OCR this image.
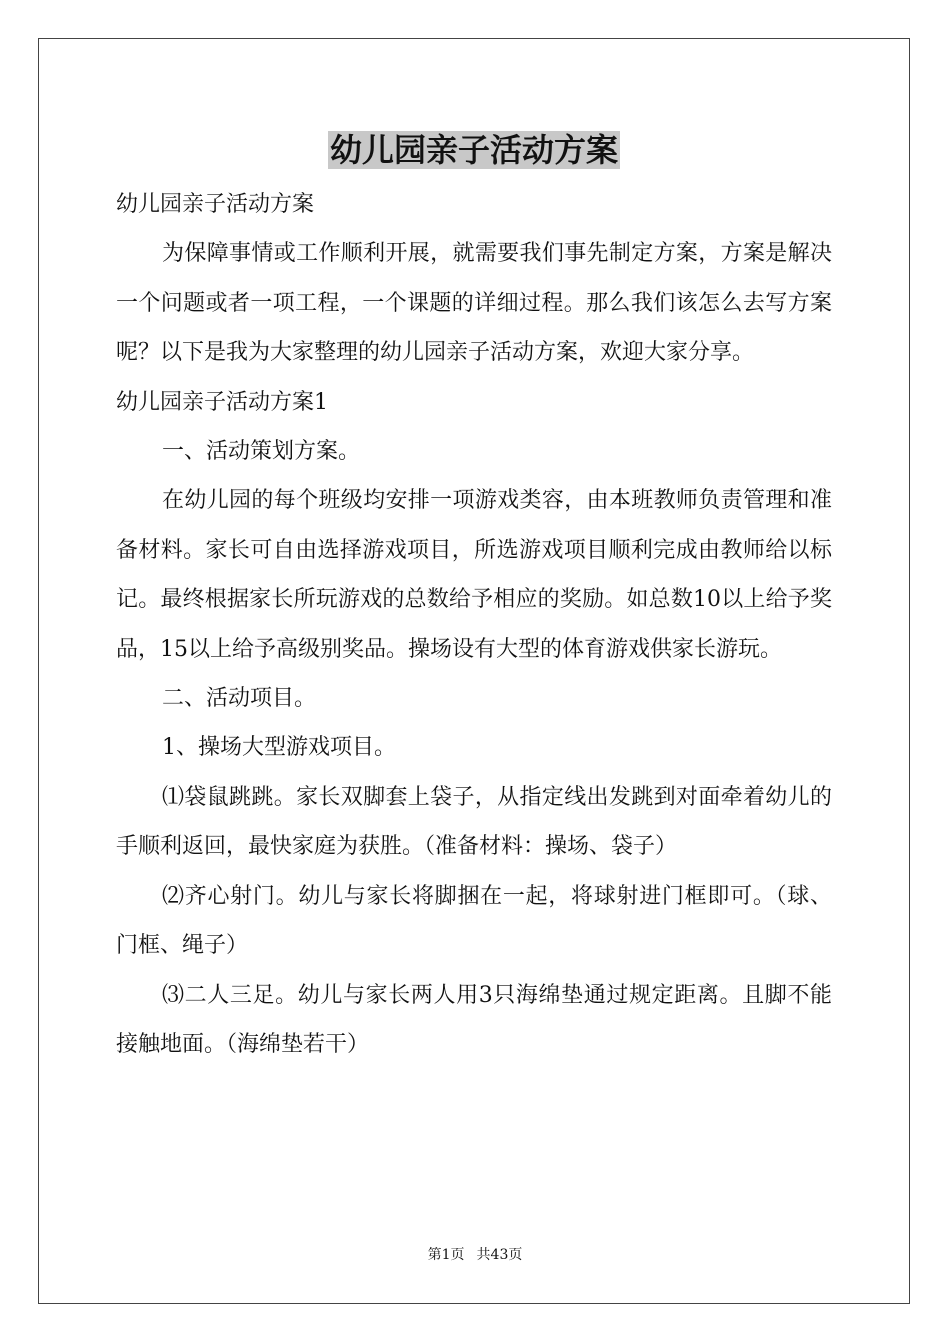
幼儿园亲子活动方案

幼儿园亲子活动方案

为保障事情或工作顺利开展，就需要我们事先制定方案，方案是解决一个问题或者一项工程，一个课题的详细过程。那么我们该怎么去写方案呢？以下是我为大家整理的幼儿园亲子活动方案，欢迎大家分享。

幼儿园亲子活动方案1

一、活动策划方案。

在幼儿园的每个班级均安排一项游戏类容，由本班教师负责管理和准备材料。家长可自由选择游戏项目，所选游戏项目顺利完成由教师给以标记。最终根据家长所玩游戏的总数给予相应的奖励。如总数10以上给予奖品，15以上给予高级别奖品。操场设有大型的体育游戏供家长游玩。

二、活动项目。

1、操场大型游戏项目。

⑴袋鼠跳跳。家长双脚套上袋子，从指定线出发跳到对面牵着幼儿的手顺利返回，最快家庭为获胜。（准备材料：操场、袋子）

⑵齐心射门。幼儿与家长将脚捆在一起，将球射进门框即可。（球、门框、绳子）

⑶二人三足。幼儿与家长两人用3只海绵垫通过规定距离。且脚不能接触地面。（海绵垫若干）

第1页 共43页
